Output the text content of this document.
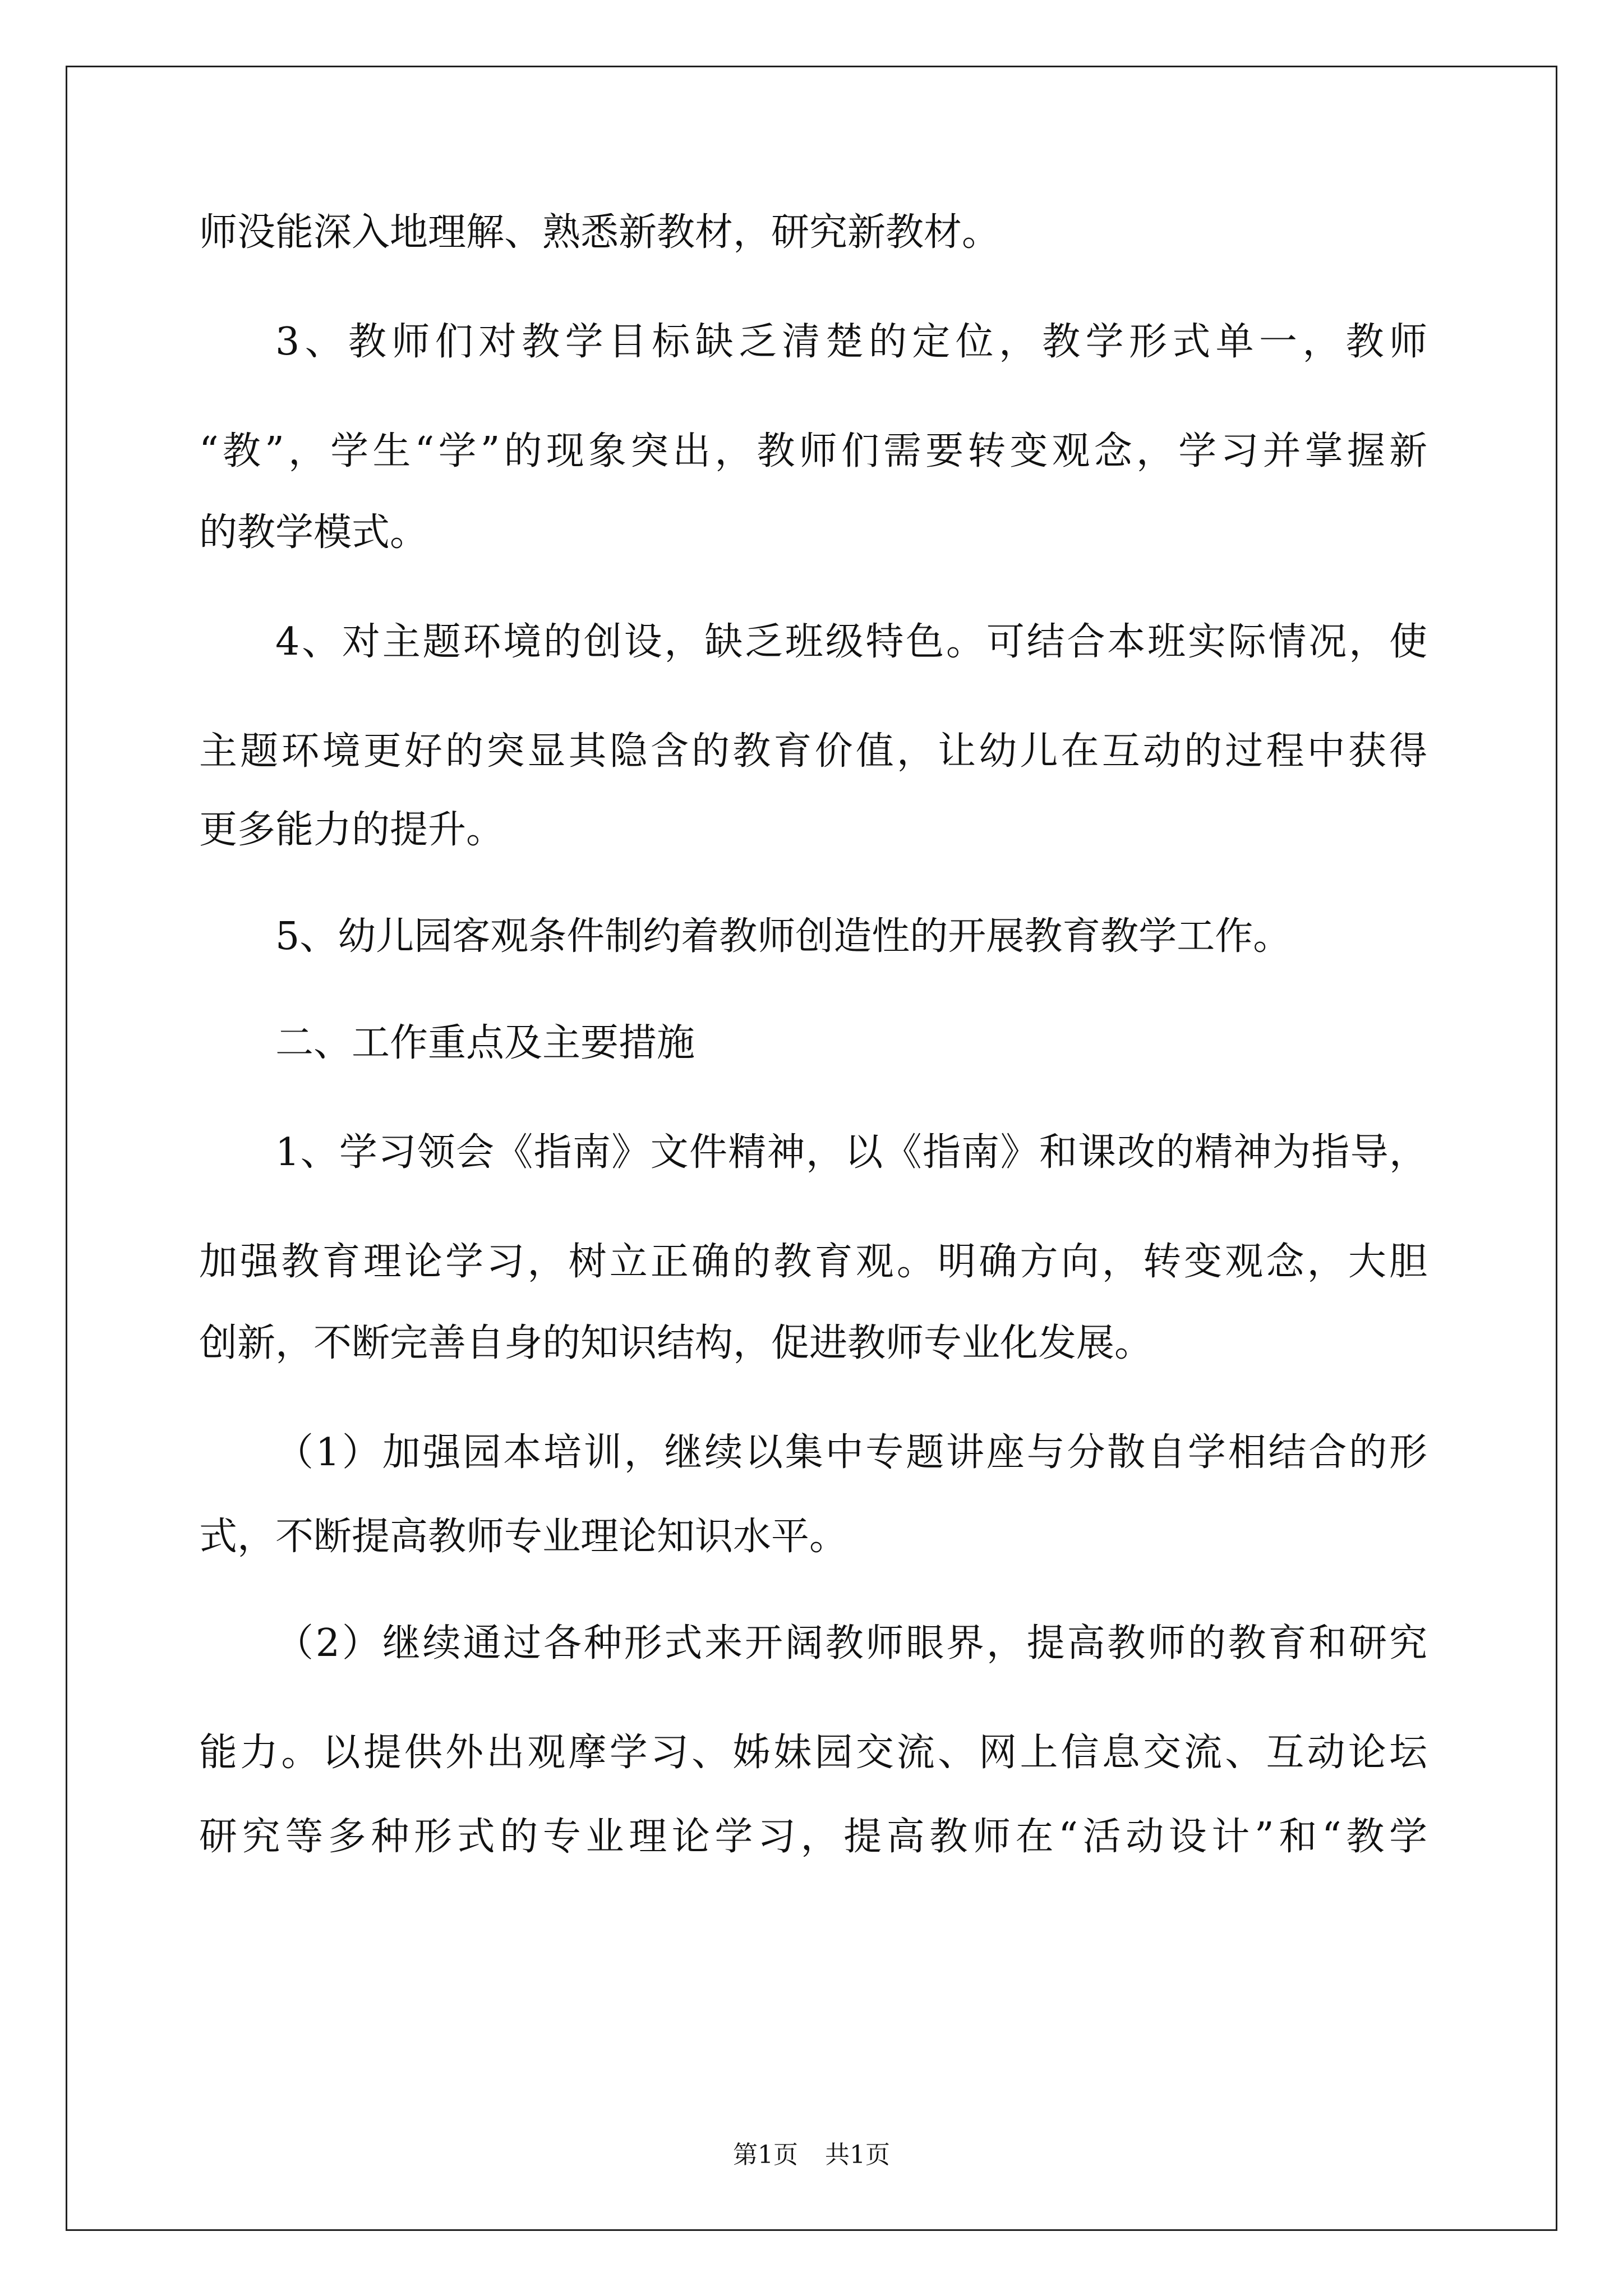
师没能深入地理解、熟悉新教材，研究新教材。
3、教师们对教学目标缺乏清楚的定位，教学形式单一，教师
“教”，学生“学”的现象突出，教师们需要转变观念，学习并掌握新
的教学模式。
4、对主题环境的创设，缺乏班级特色。可结合本班实际情况，使
主题环境更好的突显其隐含的教育价值，让幼儿在互动的过程中获得
更多能力的提升。
5、幼儿园客观条件制约着教师创造性的开展教育教学工作。
二、工作重点及主要措施
1、学习领会《指南》文件精神，以《指南》和课改的精神为指导，
加强教育理论学习，树立正确的教育观。明确方向，转变观念，大胆
创新，不断完善自身的知识结构，促进教师专业化发展。
（1）加强园本培训，继续以集中专题讲座与分散自学相结合的形
式，不断提高教师专业理论知识水平。
（2）继续通过各种形式来开阔教师眼界，提高教师的教育和研究
能力。以提供外出观摩学习、姊妹园交流、网上信息交流、互动论坛
研究等多种形式的专业理论学习，提高教师在“活动设计”和“教学
第1页 共1页
